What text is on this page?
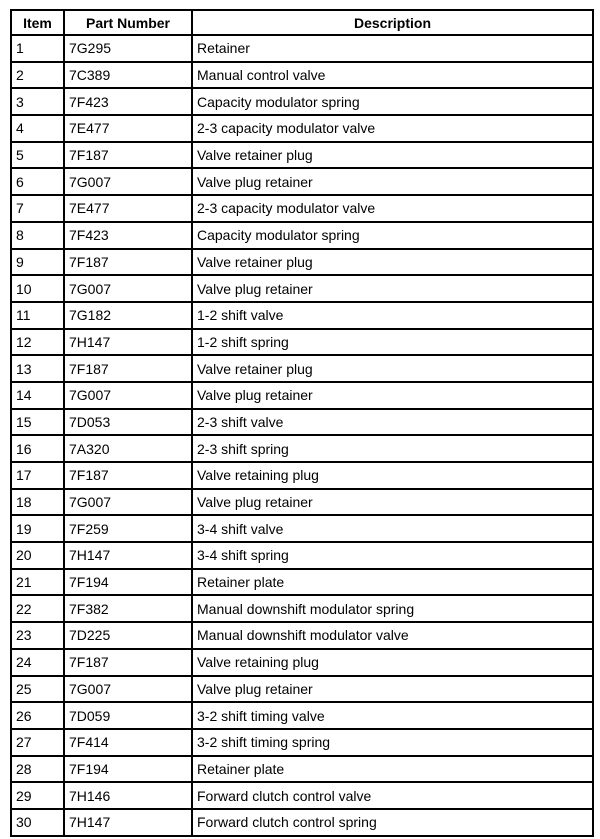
Item	Part Number	Description
1	7G295	Retainer
2	7C389	Manual control valve
3	7F423	Capacity modulator spring
4	7E477	2-3 capacity modulator valve
5	7F187	Valve retainer plug
6	7G007	Valve plug retainer
7	7E477	2-3 capacity modulator valve
8	7F423	Capacity modulator spring
9	7F187	Valve retainer plug
10	7G007	Valve plug retainer
11	7G182	1-2 shift valve
12	7H147	1-2 shift spring
13	7F187	Valve retainer plug
14	7G007	Valve plug retainer
15	7D053	2-3 shift valve
16	7A320	2-3 shift spring
17	7F187	Valve retaining plug
18	7G007	Valve plug retainer
19	7F259	3-4 shift valve
20	7H147	3-4 shift spring
21	7F194	Retainer plate
22	7F382	Manual downshift modulator spring
23	7D225	Manual downshift modulator valve
24	7F187	Valve retaining plug
25	7G007	Valve plug retainer
26	7D059	3-2 shift timing valve
27	7F414	3-2 shift timing spring
28	7F194	Retainer plate
29	7H146	Forward clutch control valve
30	7H147	Forward clutch control spring
